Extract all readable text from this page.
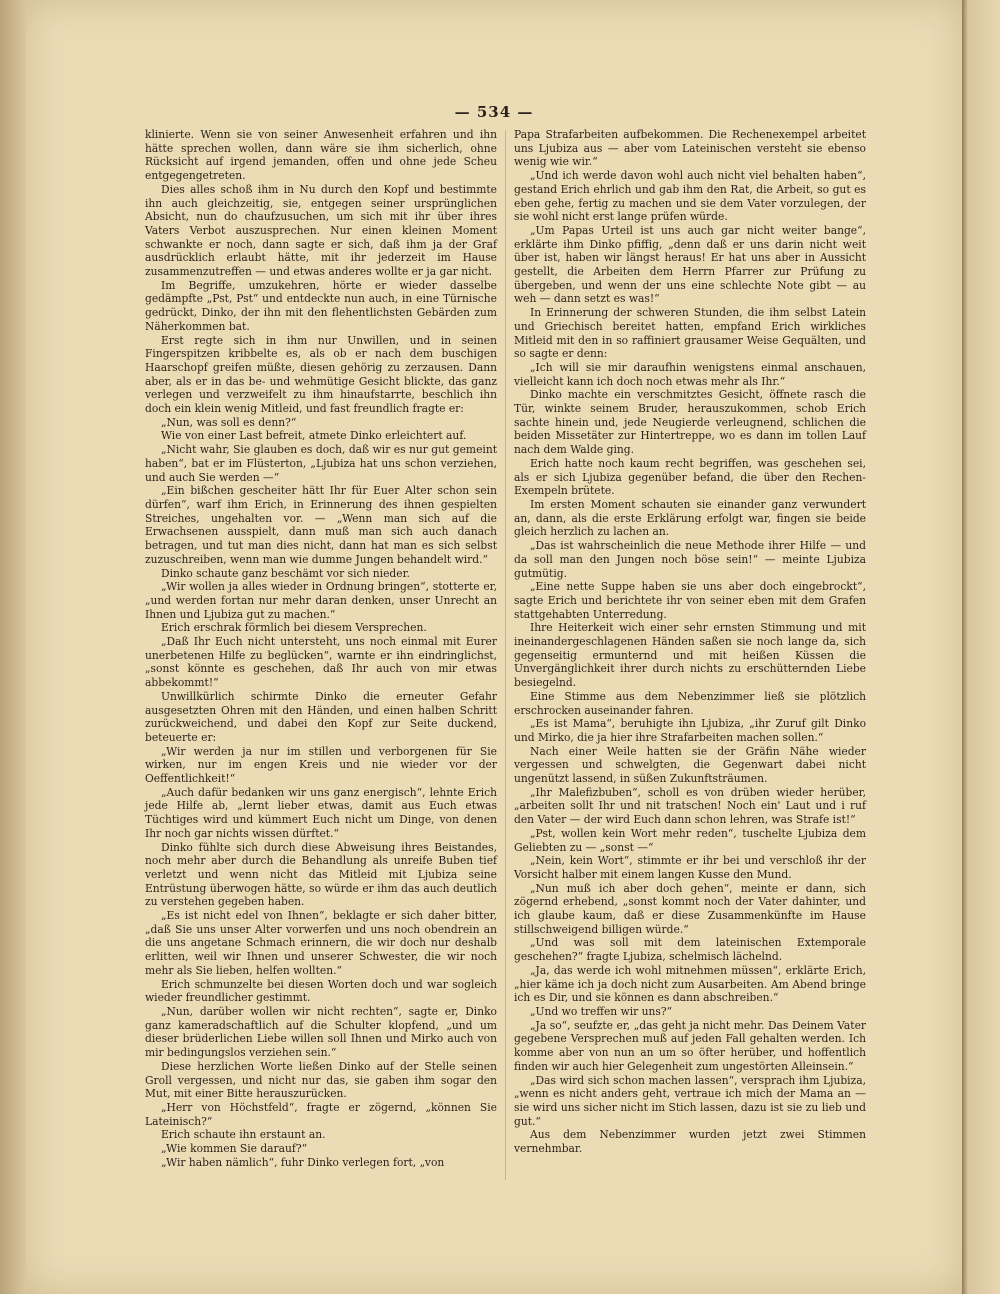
— 534 —

klinierte. Wenn sie von seiner Anwesenheit erfahren und ihn hätte sprechen wollen, dann wäre sie ihm sicherlich, ohne Rücksicht auf irgend jemanden, offen und ohne jede Scheu entgegengetreten.

Dies alles schoß ihm in Nu durch den Kopf und bestimmte ihn auch gleichzeitig, sie, entgegen seiner ursprünglichen Absicht, nun do chaufzusuchen, um sich mit ihr über ihres Vaters Verbot auszusprechen. Nur einen kleinen Moment schwankte er noch, dann sagte er sich, daß ihm ja der Graf ausdrücklich erlaubt hätte, mit ihr jederzeit im Hause zusammenzutreffen — und etwas anderes wollte er ja gar nicht.

Im Begriffe, umzukehren, hörte er wieder dasselbe gedämpfte „Pst, Pst“ und entdeckte nun auch, in eine Türnische gedrückt, Dinko, der ihn mit den flehentlichsten Gebärden zum Näherkommen bat.

Erst regte sich in ihm nur Unwillen, und in seinen Fingerspitzen kribbelte es, als ob er nach dem buschigen Haarschopf greifen müßte, diesen gehörig zu zerzausen. Dann aber, als er in das be- und wehmütige Gesicht blickte, das ganz verlegen und verzweifelt zu ihm hinaufstarrte, beschlich ihn doch ein klein wenig Mitleid, und fast freundlich fragte er:

„Nun, was soll es denn?“

Wie von einer Last befreit, atmete Dinko erleichtert auf.

„Nicht wahr, Sie glauben es doch, daß wir es nur gut gemeint haben“, bat er im Flüsterton, „Ljubiza hat uns schon verziehen, und auch Sie werden —“

„Ein bißchen gescheiter hätt Ihr für Euer Alter schon sein dürfen“, warf ihm Erich, in Erinnerung des ihnen gespielten Streiches, ungehalten vor. — „Wenn man sich auf die Erwachsenen ausspielt, dann muß man sich auch danach betragen, und tut man dies nicht, dann hat man es sich selbst zuzuschreiben, wenn man wie dumme Jungen behandelt wird.“

Dinko schaute ganz beschämt vor sich nieder.

„Wir wollen ja alles wieder in Ordnung bringen“, stotterte er, „und werden fortan nur mehr daran denken, unser Unrecht an Ihnen und Ljubiza gut zu machen.“

Erich erschrak förmlich bei diesem Versprechen.

„Daß Ihr Euch nicht untersteht, uns noch einmal mit Eurer unerbetenen Hilfe zu beglücken“, warnte er ihn eindringlichst, „sonst könnte es geschehen, daß Ihr auch von mir etwas abbekommt!“

Unwillkürlich schirmte Dinko die erneuter Gefahr ausgesetzten Ohren mit den Händen, und einen halben Schritt zurückweichend, und dabei den Kopf zur Seite duckend, beteuerte er:

„Wir werden ja nur im stillen und verborgenen für Sie wirken, nur im engen Kreis und nie wieder vor der Oeffentlichkeit!“

„Auch dafür bedanken wir uns ganz energisch“, lehnte Erich jede Hilfe ab, „lernt lieber etwas, damit aus Euch etwas Tüchtiges wird und kümmert Euch nicht um Dinge, von denen Ihr noch gar nichts wissen dürftet.“

Dinko fühlte sich durch diese Abweisung ihres Beistandes, noch mehr aber durch die Behandlung als unreife Buben tief verletzt und wenn nicht das Mitleid mit Ljubiza seine Entrüstung überwogen hätte, so würde er ihm das auch deutlich zu verstehen gegeben haben.

„Es ist nicht edel von Ihnen“, beklagte er sich daher bitter, „daß Sie uns unser Alter vorwerfen und uns noch obendrein an die uns angetane Schmach erinnern, die wir doch nur deshalb erlitten, weil wir Ihnen und unserer Schwester, die wir noch mehr als Sie lieben, helfen wollten.“

Erich schmunzelte bei diesen Worten doch und war sogleich wieder freundlicher gestimmt.

„Nun, darüber wollen wir nicht rechten“, sagte er, Dinko ganz kameradschaftlich auf die Schulter klopfend, „und um dieser brüderlichen Liebe willen soll Ihnen und Mirko auch von mir bedingungslos verziehen sein.“

Diese herzlichen Worte ließen Dinko auf der Stelle seinen Groll vergessen, und nicht nur das, sie gaben ihm sogar den Mut, mit einer Bitte herauszurücken.

„Herr von Höchstfeld“, fragte er zögernd, „können Sie Lateinisch?“

Erich schaute ihn erstaunt an.

„Wie kommen Sie darauf?“

„Wir haben nämlich“, fuhr Dinko verlegen fort, „von

Papa Strafarbeiten aufbekommen. Die Rechenexempel arbeitet uns Ljubiza aus — aber vom Lateinischen versteht sie ebenso wenig wie wir.“

„Und ich werde davon wohl auch nicht viel behalten haben“, gestand Erich ehrlich und gab ihm den Rat, die Arbeit, so gut es eben gehe, fertig zu machen und sie dem Vater vorzulegen, der sie wohl nicht erst lange prüfen würde.

„Um Papas Urteil ist uns auch gar nicht weiter bange“, erklärte ihm Dinko pfiffig, „denn daß er uns darin nicht weit über ist, haben wir längst heraus! Er hat uns aber in Aussicht gestellt, die Arbeiten dem Herrn Pfarrer zur Prüfung zu übergeben, und wenn der uns eine schlechte Note gibt — au weh — dann setzt es was!“

In Erinnerung der schweren Stunden, die ihm selbst Latein und Griechisch bereitet hatten, empfand Erich wirkliches Mitleid mit den in so raffiniert grausamer Weise Gequälten, und so sagte er denn:

„Ich will sie mir daraufhin wenigstens einmal anschauen, vielleicht kann ich doch noch etwas mehr als Ihr.“

Dinko machte ein verschmitztes Gesicht, öffnete rasch die Tür, winkte seinem Bruder, herauszukommen, schob Erich sachte hinein und, jede Neugierde verleugnend, schlichen die beiden Missetäter zur Hintertreppe, wo es dann im tollen Lauf nach dem Walde ging.

Erich hatte noch kaum recht begriffen, was geschehen sei, als er sich Ljubiza gegenüber befand, die über den Rechen-Exempeln brütete.

Im ersten Moment schauten sie einander ganz verwundert an, dann, als die erste Erklärung erfolgt war, fingen sie beide gleich herzlich zu lachen an.

„Das ist wahrscheinlich die neue Methode ihrer Hilfe — und da soll man den Jungen noch böse sein!“ — meinte Ljubiza gutmütig.

„Eine nette Suppe haben sie uns aber doch eingebrockt“, sagte Erich und berichtete ihr von seiner eben mit dem Grafen stattgehabten Unterredung.

Ihre Heiterkeit wich einer sehr ernsten Stimmung und mit ineinandergeschlagenen Händen saßen sie noch lange da, sich gegenseitig ermunternd und mit heißen Küssen die Unvergänglichkeit ihrer durch nichts zu erschütternden Liebe besiegelnd.

Eine Stimme aus dem Nebenzimmer ließ sie plötzlich erschrocken auseinander fahren.

„Es ist Mama“, beruhigte ihn Ljubiza, „ihr Zuruf gilt Dinko und Mirko, die ja hier ihre Strafarbeiten machen sollen.“

Nach einer Weile hatten sie der Gräfin Nähe wieder vergessen und schwelgten, die Gegenwart dabei nicht ungenützt lassend, in süßen Zukunftsträumen.

„Ihr Malefizbuben“, scholl es von drüben wieder herüber, „arbeiten sollt Ihr und nit tratschen! Noch ein' Laut und i ruf den Vater — der wird Euch dann schon lehren, was Strafe ist!“

„Pst, wollen kein Wort mehr reden“, tuschelte Ljubiza dem Geliebten zu — „sonst —“

„Nein, kein Wort“, stimmte er ihr bei und verschloß ihr der Vorsicht halber mit einem langen Kusse den Mund.

„Nun muß ich aber doch gehen“, meinte er dann, sich zögernd erhebend, „sonst kommt noch der Vater dahinter, und ich glaube kaum, daß er diese Zusammenkünfte im Hause stillschweigend billigen würde.“

„Und was soll mit dem lateinischen Extemporale geschehen?“ fragte Ljubiza, schelmisch lächelnd.

„Ja, das werde ich wohl mitnehmen müssen“, erklärte Erich, „hier käme ich ja doch nicht zum Ausarbeiten. Am Abend bringe ich es Dir, und sie können es dann abschreiben.“

„Und wo treffen wir uns?“

„Ja so“, seufzte er, „das geht ja nicht mehr. Das Deinem Vater gegebene Versprechen muß auf jeden Fall gehalten werden. Ich komme aber von nun an um so öfter herüber, und hoffentlich finden wir auch hier Gelegenheit zum ungestörten Alleinsein.“

„Das wird sich schon machen lassen“, versprach ihm Ljubiza, „wenn es nicht anders geht, vertraue ich mich der Mama an — sie wird uns sicher nicht im Stich lassen, dazu ist sie zu lieb und gut.“

Aus dem Nebenzimmer wurden jetzt zwei Stimmen vernehmbar.
